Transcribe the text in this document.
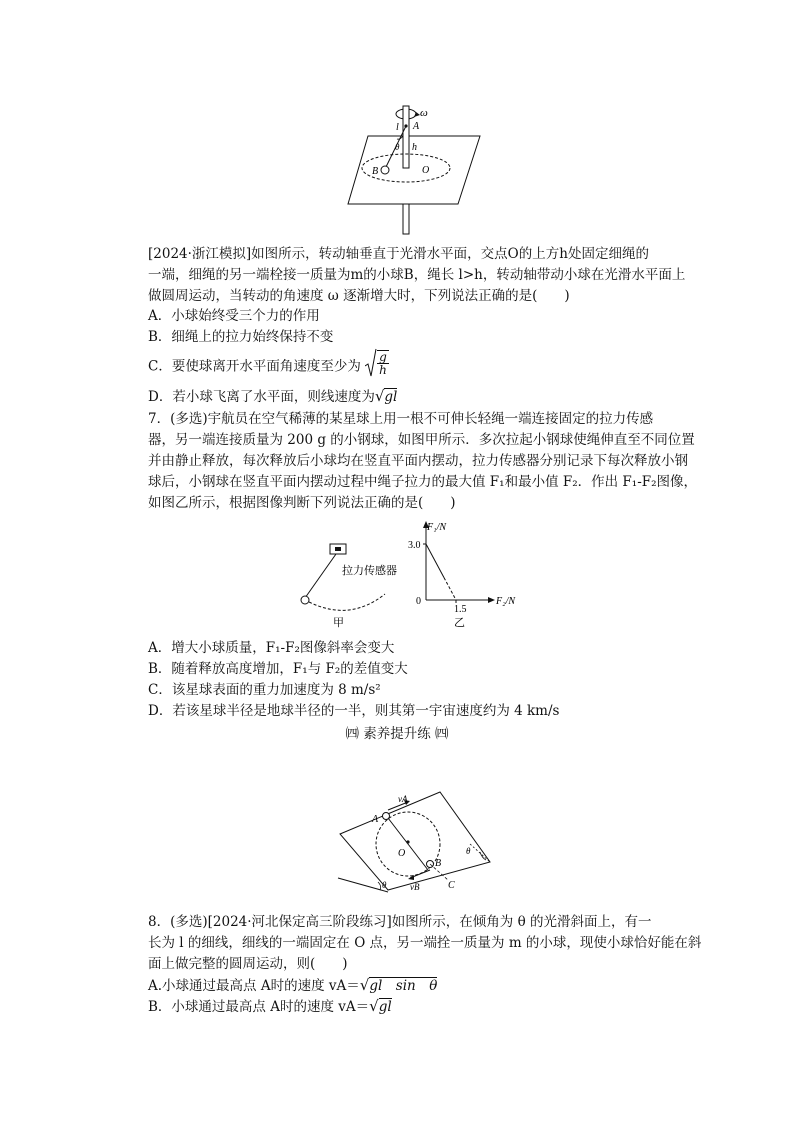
ω
l A
θ h
B	O
[2024·浙江模拟]如图所示，转动轴垂直于光滑水平面，交点O的上方h处固定细绳的
一端，细绳的另一端栓接一质量为m的小球B，绳长 l>h，转动轴带动小球在光滑水平面上
做圆周运动，当转动的角速度 ω 逐渐增大时，下列说法正确的是(　　)
A．小球始终受三个力的作用
B．细绳上的拉力始终保持不变
C．要使球离开水平面角速度至少为 $\frac{g}{h}$
D．若小球飞离了水平面，则线速度为√gl
7．(多选)宇航员在空气稀薄的某星球上用一根不可伸长轻绳一端连接固定的拉力传感
器，另一端连接质量为 200 g 的小钢球，如图甲所示．多次拉起小钢球使绳伸直至不同位置
并由静止释放，每次释放后小球均在竖直平面内摆动，拉力传感器分别记录下每次释放小钢
球后，小钢球在竖直平面内摆动过程中绳子拉力的最大值 F₁和最小值 F₂．作出 F₁-F₂图像，
如图乙所示，根据图像判断下列说法正确的是(　　)
拉力传感器
甲
F₁/N
F₂/N
3.0
1.5
0
乙
A．增大小球质量，F₁-F₂图像斜率会变大
B．随着释放高度增加，F₁与 F₂的差值变大
C．该星球表面的重力加速度为 8 m/s²
D．若该星球半径是地球半径的一半，则其第一宇宙速度约为 4 km/s
㈣ 素养提升练 ㈣
vA
A
O
B
vB	C
θ
θ
8．(多选)[2024·河北保定高三阶段练习]如图所示，在倾角为 θ 的光滑斜面上，有一
长为 l 的细线，细线的一端固定在 O 点，另一端拴一质量为 m 的小球，现使小球恰好能在斜
面上做完整的圆周运动，则(　　)
A.小球通过最高点 A时的速度 vA＝√gl　sin　θ
B．小球通过最高点 A时的速度 vA＝√gl
